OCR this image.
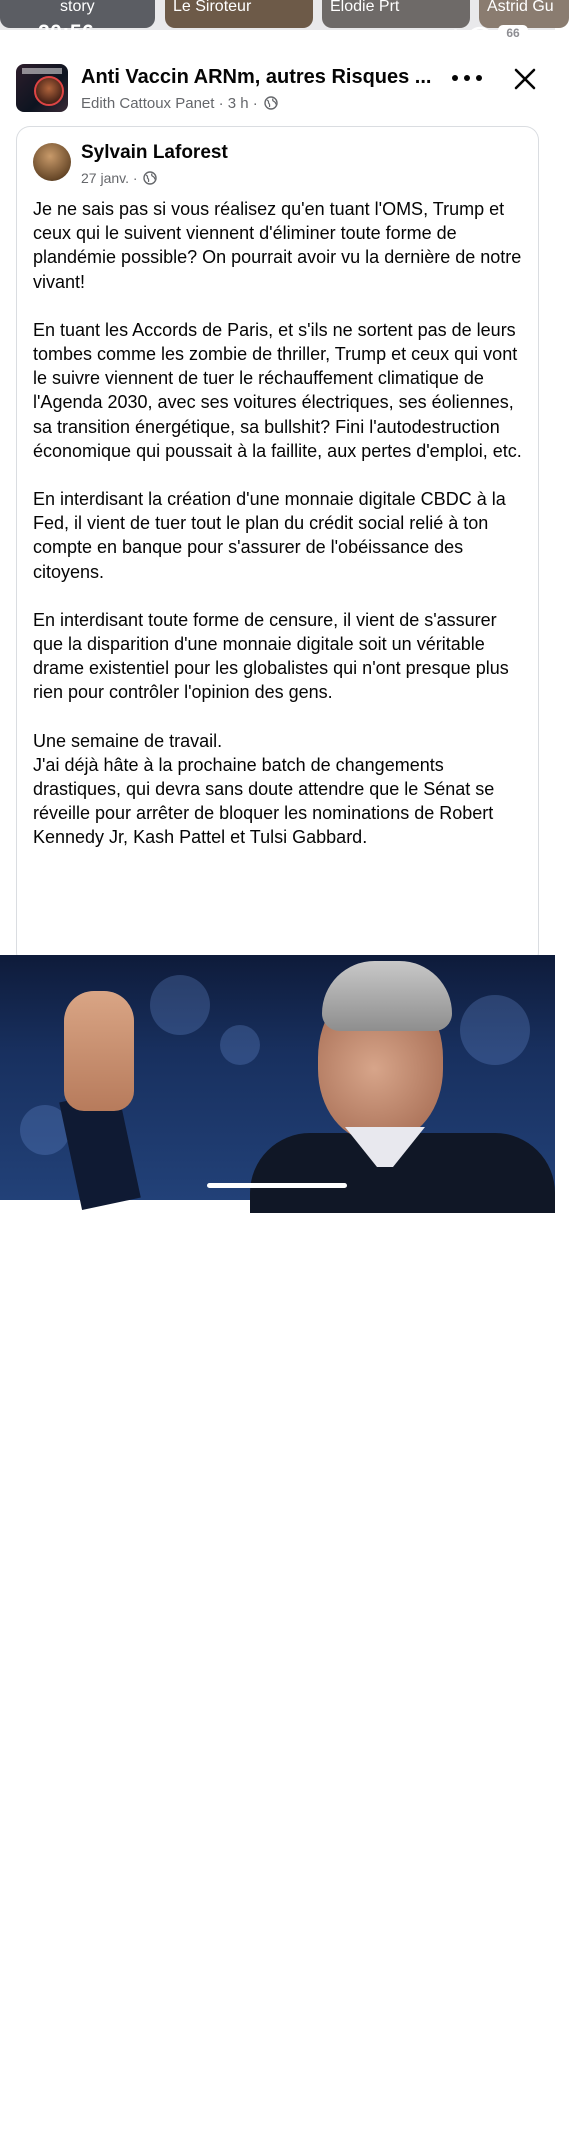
story	Le Siroteur	Elodie Prt	Astrid Gu
20:56	66
Anti Vaccin ARNm, autres Risques ...
Edith Cattoux Panet · 3 h ·
Sylvain Laforest
27 janv. ·

Je ne sais pas si vous réalisez qu'en tuant l'OMS, Trump et ceux qui le suivent viennent d'éliminer toute forme de plandémie possible? On pourrait avoir vu la dernière de notre vivant!

En tuant les Accords de Paris, et s'ils ne sortent pas de leurs tombes comme les zombie de thriller, Trump et ceux qui vont le suivre viennent de tuer le réchauffement climatique de l'Agenda 2030, avec ses voitures électriques, ses éoliennes, sa transition énergétique, sa bullshit? Fini l'autodestruction économique qui poussait à la faillite, aux pertes d'emploi, etc.

En interdisant la création d'une monnaie digitale CBDC à la Fed, il vient de tuer tout le plan du crédit social relié à ton compte en banque pour s'assurer de l'obéissance des citoyens.

En interdisant toute forme de censure, il vient de s'assurer que la disparition d'une monnaie digitale soit un véritable drame existentiel pour les globalistes qui n'ont presque plus rien pour contrôler l'opinion des gens.

Une semaine de travail.

J'ai déjà hâte à la prochaine batch de changements drastiques, qui devra sans doute attendre que le Sénat se réveille pour arrêter de bloquer les nominations de Robert Kennedy Jr, Kash Pattel et Tulsi Gabbard.

GamerZ
